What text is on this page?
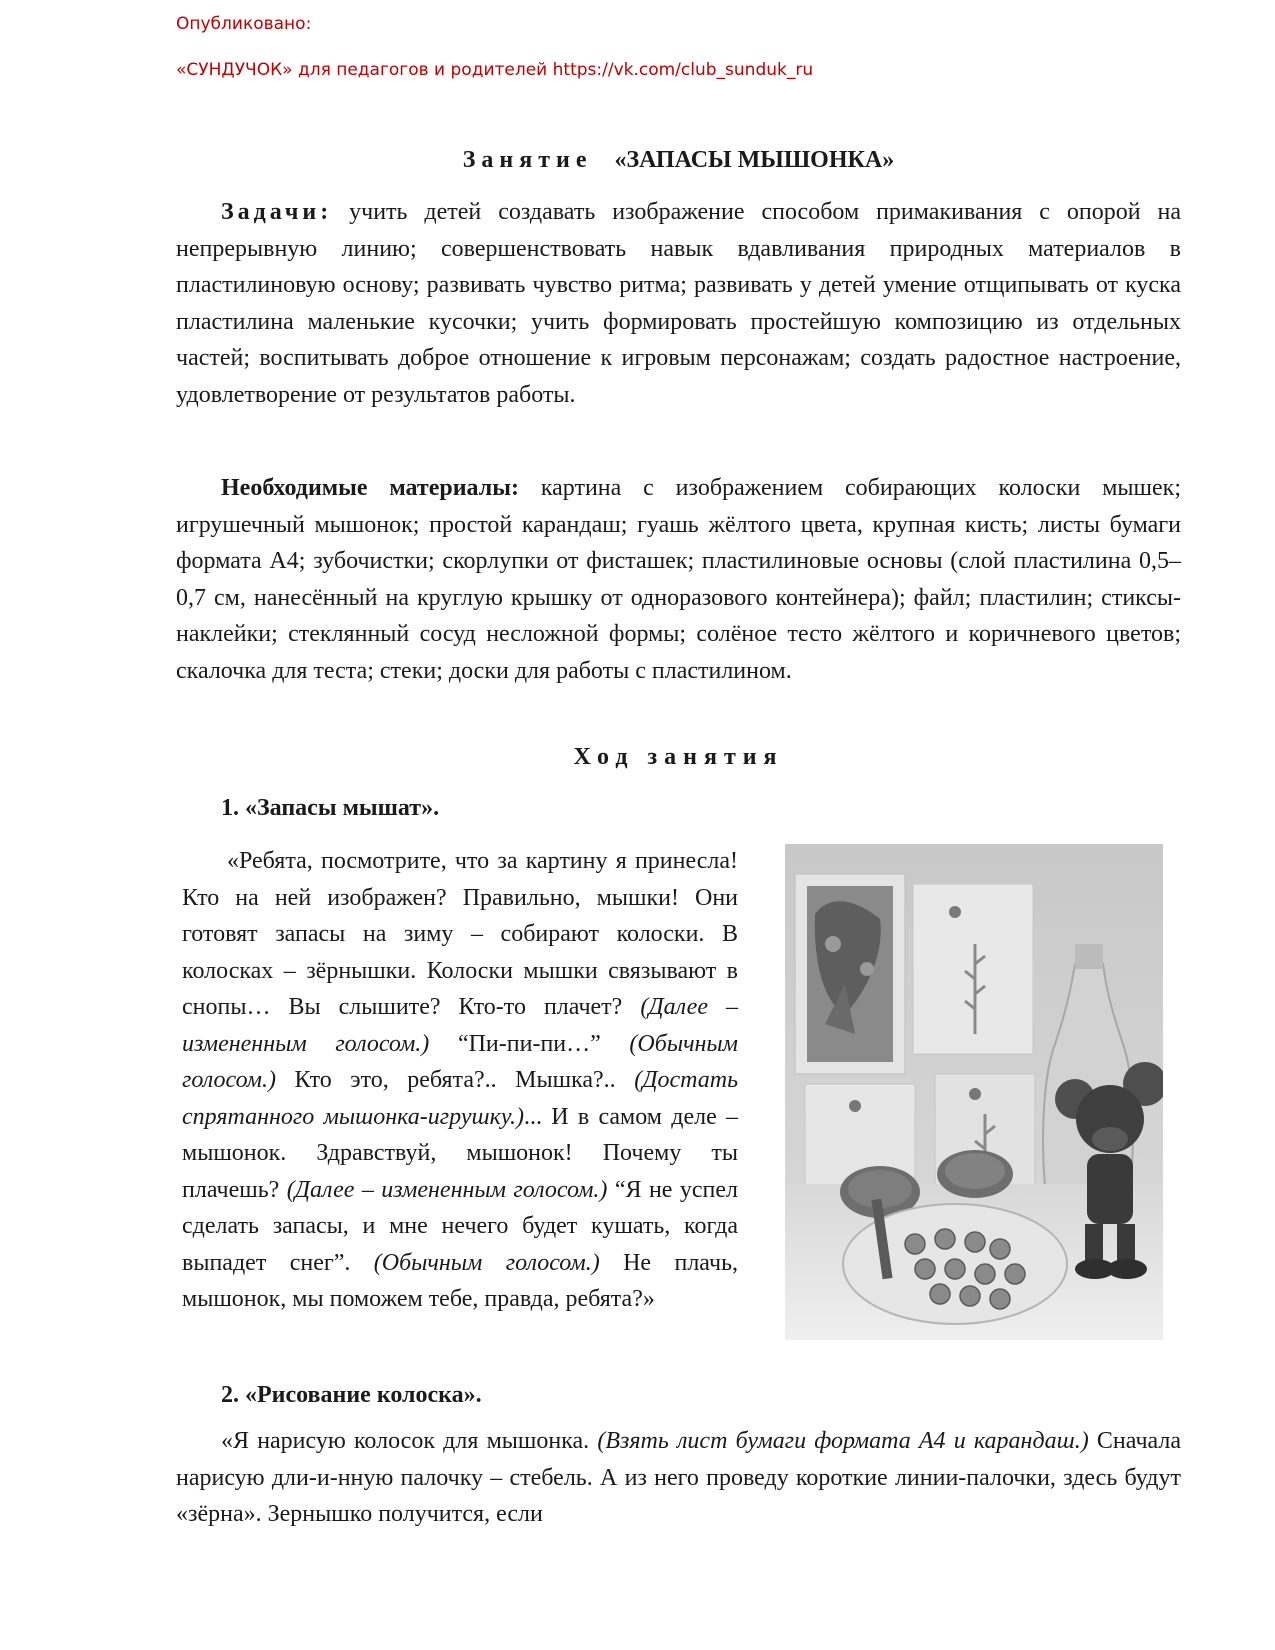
Опубликовано:
«СУНДУЧОК» для педагогов и родителей https://vk.com/club_sunduk_ru
Занятие «ЗАПАСЫ МЫШОНКА»

Задачи: учить детей создавать изображение способом примакивания с опорой на непрерывную линию; совершенствовать навык вдавливания природных материалов в пластилиновую основу; развивать чувство ритма; развивать у детей умение отщипывать от куска пластилина маленькие кусочки; учить формировать простейшую композицию из отдельных частей; воспитывать доброе отношение к игровым персонажам; создать радостное настроение, удовлетворение от результатов работы.

Необходимые материалы: картина с изображением собирающих колоски мышек; игрушечный мышонок; простой карандаш; гуашь жёлтого цвета, крупная кисть; листы бумаги формата А4; зубочистки; скорлупки от фисташек; пластилиновые основы (слой пластилина 0,5–0,7 см, нанесённый на круглую крышку от одноразового контейнера); файл; пластилин; стиксы-наклейки; стеклянный сосуд несложной формы; солёное тесто жёлтого и коричневого цветов; скалочка для теста; стеки; доски для работы с пластилином.

Ход занятия
1. «Запасы мышат».

«Ребята, посмотрите, что за картину я принесла! Кто на ней изображен? Правильно, мышки! Они готовят запасы на зиму – собирают колоски. В колосках – зёрнышки. Колоски мышки связывают в снопы… Вы слышите? Кто-то плачет? (Далее – измененным голосом.) “Пи-пи-пи…” (Обычным голосом.) Кто это, ребята?.. Мышка?.. (Достать спрятанного мышонка-игрушку.)... И в самом деле – мышонок. Здравствуй, мышонок! Почему ты плачешь? (Далее – измененным голосом.) “Я не успел сделать запасы, и мне нечего будет кушать, когда выпадет снег”. (Обычным голосом.) Не плачь, мышонок, мы поможем тебе, правда, ребята?»

2. «Рисование колоска».

«Я нарисую колосок для мышонка. (Взять лист бумаги формата А4 и карандаш.) Сначала нарисую дли-и-нную палочку – стебель. А из него проведу короткие линии-палочки, здесь будут «зёрна». Зернышко получится, если
